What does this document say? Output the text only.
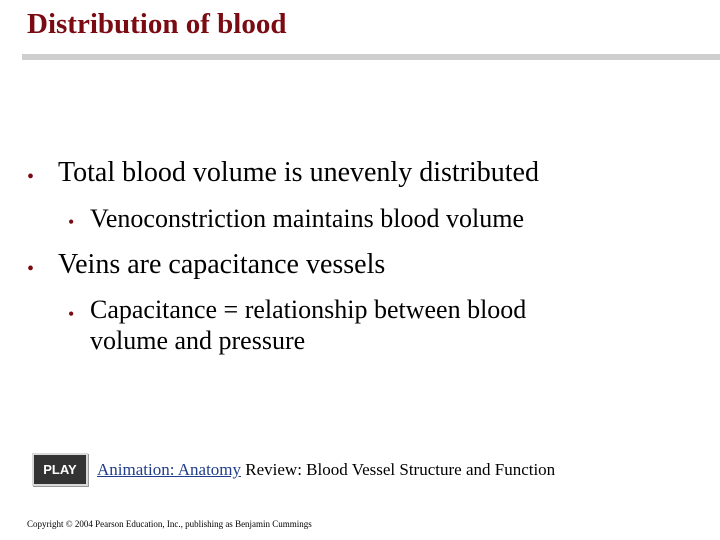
Distribution of blood
• Total blood volume is unevenly distributed
• Venoconstriction maintains blood volume
• Veins are capacitance vessels
• Capacitance = relationship between blood
volume and pressure
PLAY	Animation: Anatomy Review: Blood Vessel Structure and Function
Copyright © 2004 Pearson Education, Inc., publishing as Benjamin Cummings
